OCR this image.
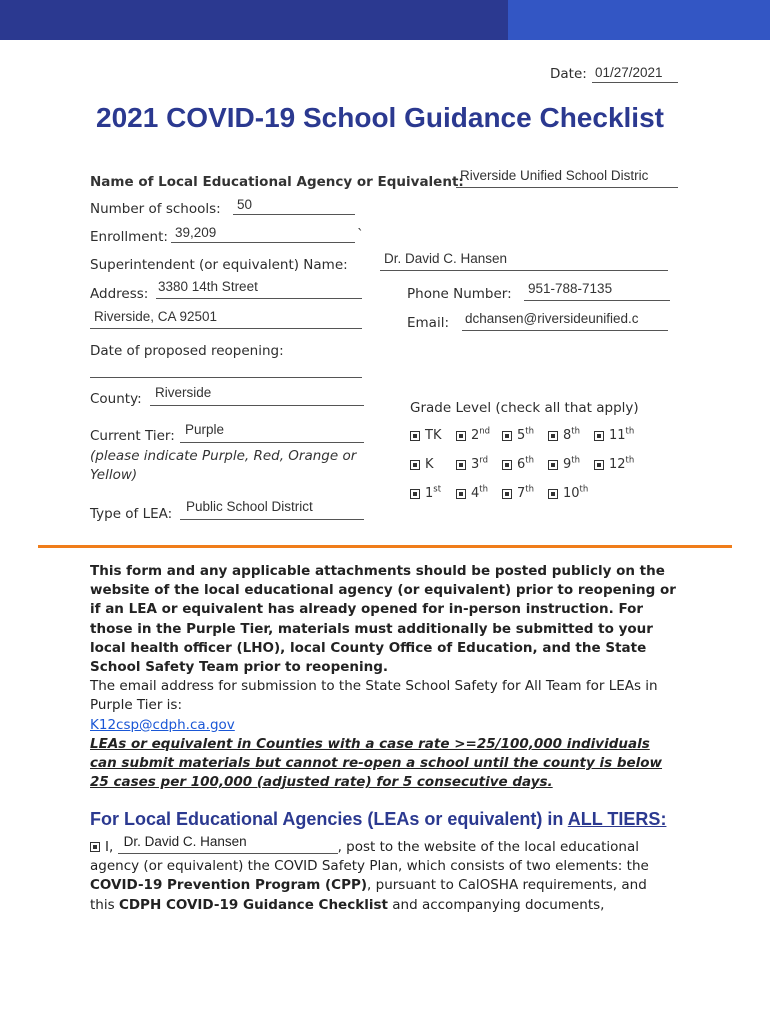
Date: 01/27/2021
2021 COVID-19 School Guidance Checklist
Name of Local Educational Agency or Equivalent:
Riverside Unified School Distric
Number of schools: 50
Enrollment: 39,209	`
Superintendent (or equivalent) Name:	Dr. David C. Hansen
Address: 3380 14th Street
Riverside, CA 92501
Phone Number: 951-788-7135
Email: dchansen@riversideunified.c
Date of proposed reopening:
County: Riverside
Current Tier: Purple
(please indicate Purple, Red, Orange or
Yellow)
Type of LEA: Public School District
Grade Level (check all that apply)
TK 2nd 5th 8th 11th
K	3rd 6th 9th 12th
1st 4th 7th 10th
This form and any applicable attachments should be posted publicly on the website of the local educational agency (or equivalent) prior to reopening or if an LEA or equivalent has already opened for in-person instruction. For those in the Purple Tier, materials must additionally be submitted to your local health officer (LHO), local County Office of Education, and the State School Safety Team prior to reopening.
The email address for submission to the State School Safety for All Team for LEAs in Purple Tier is:
K12csp@cdph.ca.gov
LEAs or equivalent in Counties with a case rate >=25/100,000 individuals can submit materials but cannot re-open a school until the county is below 25 cases per 100,000 (adjusted rate) for 5 consecutive days.
For Local Educational Agencies (LEAs or equivalent) in ALL TIERS:
I, Dr. David C. Hansen	, post to the website of the local educational agency (or equivalent) the COVID Safety Plan, which consists of two elements: the COVID-19 Prevention Program (CPP), pursuant to CalOSHA requirements, and this CDPH COVID-19 Guidance Checklist and accompanying documents,
